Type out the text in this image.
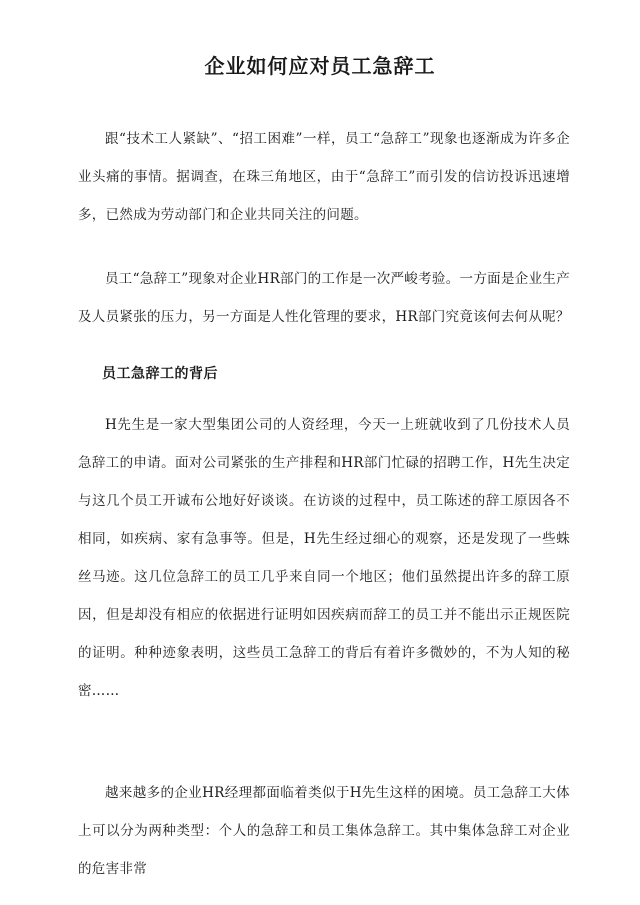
企业如何应对员工急辞工

跟“技术工人紧缺”、“招工困难”一样，员工“急辞工”现象也逐渐成为许多企业头痛的事情。据调查，在珠三角地区，由于“急辞工”而引发的信访投诉迅速增多，已然成为劳动部门和企业共同关注的问题。

员工“急辞工”现象对企业HR部门的工作是一次严峻考验。一方面是企业生产及人员紧张的压力，另一方面是人性化管理的要求，HR部门究竟该何去何从呢？

员工急辞工的背后

H先生是一家大型集团公司的人资经理，今天一上班就收到了几份技术人员急辞工的申请。面对公司紧张的生产排程和HR部门忙碌的招聘工作，H先生决定与这几个员工开诚布公地好好谈谈。在访谈的过程中，员工陈述的辞工原因各不相同，如疾病、家有急事等。但是，H先生经过细心的观察，还是发现了一些蛛丝马迹。这几位急辞工的员工几乎来自同一个地区；他们虽然提出许多的辞工原因，但是却没有相应的依据进行证明如因疾病而辞工的员工并不能出示正规医院的证明。种种迹象表明，这些员工急辞工的背后有着许多微妙的，不为人知的秘密……

越来越多的企业HR经理都面临着类似于H先生这样的困境。员工急辞工大体上可以分为两种类型：个人的急辞工和员工集体急辞工。其中集体急辞工对企业的危害非常
